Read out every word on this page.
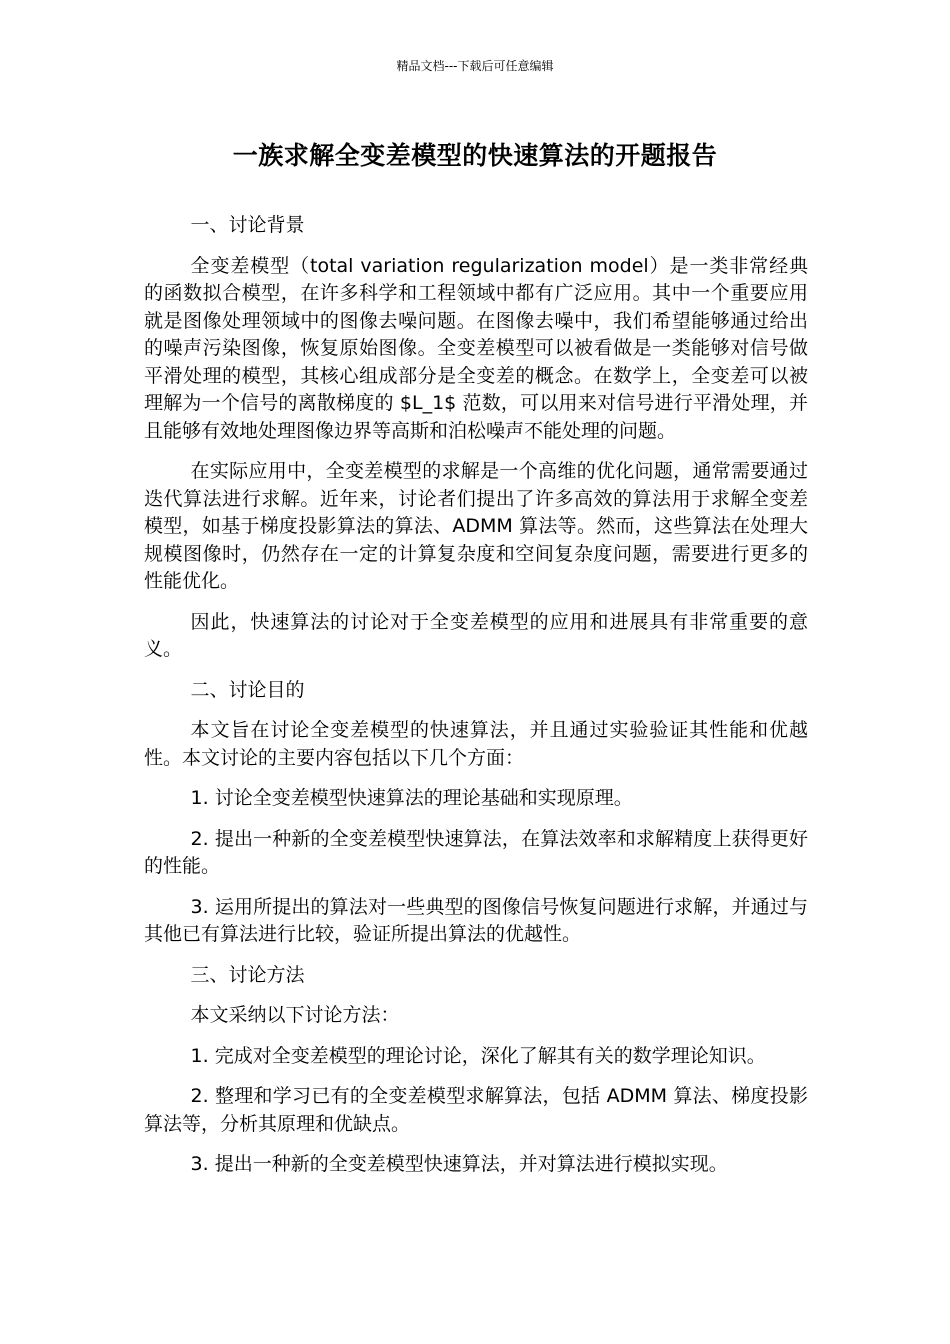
精品文档---下载后可任意编辑
一族求解全变差模型的快速算法的开题报告

一、讨论背景

全变差模型（total variation regularization model）是一类非常经典的函数拟合模型，在许多科学和工程领域中都有广泛应用。其中一个重要应用就是图像处理领域中的图像去噪问题。在图像去噪中，我们希望能够通过给出的噪声污染图像，恢复原始图像。全变差模型可以被看做是一类能够对信号做平滑处理的模型，其核心组成部分是全变差的概念。在数学上，全变差可以被理解为一个信号的离散梯度的 $L_1$ 范数，可以用来对信号进行平滑处理，并且能够有效地处理图像边界等高斯和泊松噪声不能处理的问题。

在实际应用中，全变差模型的求解是一个高维的优化问题，通常需要通过迭代算法进行求解。近年来，讨论者们提出了许多高效的算法用于求解全变差模型，如基于梯度投影算法的算法、ADMM 算法等。然而，这些算法在处理大规模图像时，仍然存在一定的计算复杂度和空间复杂度问题，需要进行更多的性能优化。

因此，快速算法的讨论对于全变差模型的应用和进展具有非常重要的意义。

二、讨论目的

本文旨在讨论全变差模型的快速算法，并且通过实验验证其性能和优越性。本文讨论的主要内容包括以下几个方面：

1. 讨论全变差模型快速算法的理论基础和实现原理。

2. 提出一种新的全变差模型快速算法，在算法效率和求解精度上获得更好的性能。

3. 运用所提出的算法对一些典型的图像信号恢复问题进行求解，并通过与其他已有算法进行比较，验证所提出算法的优越性。

三、讨论方法

本文采纳以下讨论方法：

1. 完成对全变差模型的理论讨论，深化了解其有关的数学理论知识。

2. 整理和学习已有的全变差模型求解算法，包括 ADMM 算法、梯度投影算法等，分析其原理和优缺点。

3. 提出一种新的全变差模型快速算法，并对算法进行模拟实现。
